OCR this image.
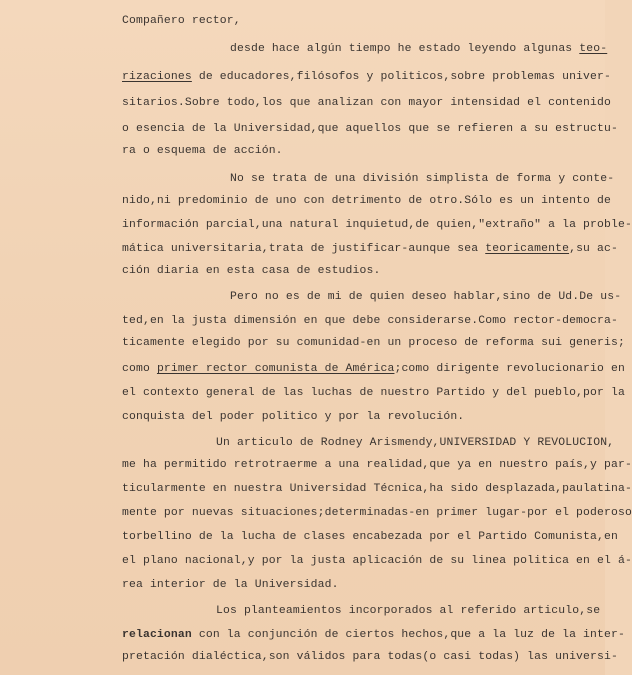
Compañero rector,
desde hace algún tiempo he estado leyendo algunas teo-
rizaciones de educadores,filósofos y politicos,sobre problemas univer-
sitarios.Sobre todo,los que analizan con mayor intensidad el contenido
o esencia de la Universidad,que aquellos que se refieren a su estructu-
ra o esquema de acción.
No se trata de una división simplista de forma y conte-
nido,ni predominio de uno con detrimento de otro.Sólo es un intento de
información parcial,una natural inquietud,de quien,"extraño" a la proble-
mática universitaria,trata de justificar-aunque sea teoricamente,su ac-
ción diaria en esta casa de estudios.
Pero no es de mi de quien deseo hablar,sino de Ud.De us-
ted,en la justa dimensión en que debe considerarse.Como rector-democra-
ticamente elegido por su comunidad-en un proceso de reforma sui generis;
como primer rector comunista de América;como dirigente revolucionario en
el contexto general de las luchas de nuestro Partido y del pueblo,por la
conquista del poder politico y por la revolución.
Un articulo de Rodney Arismendy,UNIVERSIDAD Y REVOLUCION,
me ha permitido retrotraerme a una realidad,que ya en nuestro país,y par-
ticularmente en nuestra Universidad Técnica,ha sido desplazada,paulatina-
mente por nuevas situaciones;determinadas-en primer lugar-por el poderoso
torbellino de la lucha de clases encabezada por el Partido Comunista,en
el plano nacional,y por la justa aplicación de su linea politica en el á-
rea interior de la Universidad.
Los planteamientos incorporados al referido articulo,se
relacionan con la conjunción de ciertos hechos,que a la luz de la inter-
pretación dialéctica,son válidos para todas(o casi todas) las universi-
